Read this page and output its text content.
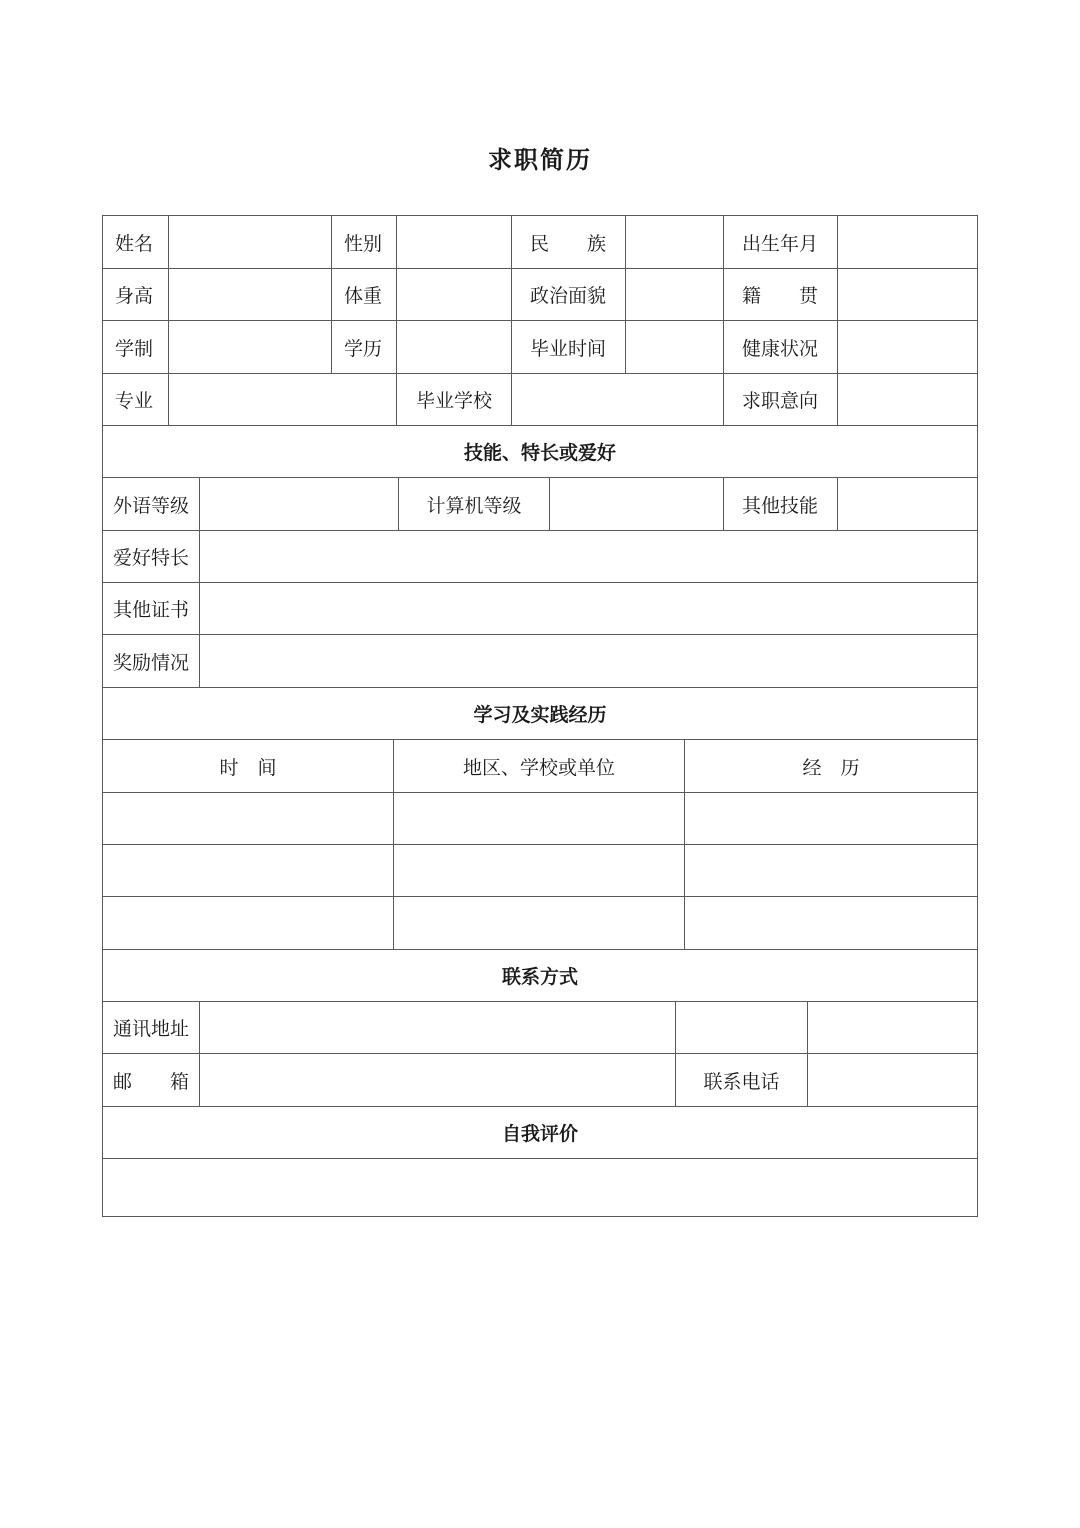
求职简历
姓名	性别	民　　族	出生年月
身高	体重	政治面貌	籍　　贯
学制	学历	毕业时间	健康状况
专业	毕业学校	求职意向
技能、特长或爱好
外语等级	计算机等级	其他技能
爱好特长
其他证书
奖励情况
学习及实践经历
时　间	地区、学校或单位	经　历
联系方式
通讯地址
邮　　箱	联系电话
自我评价
